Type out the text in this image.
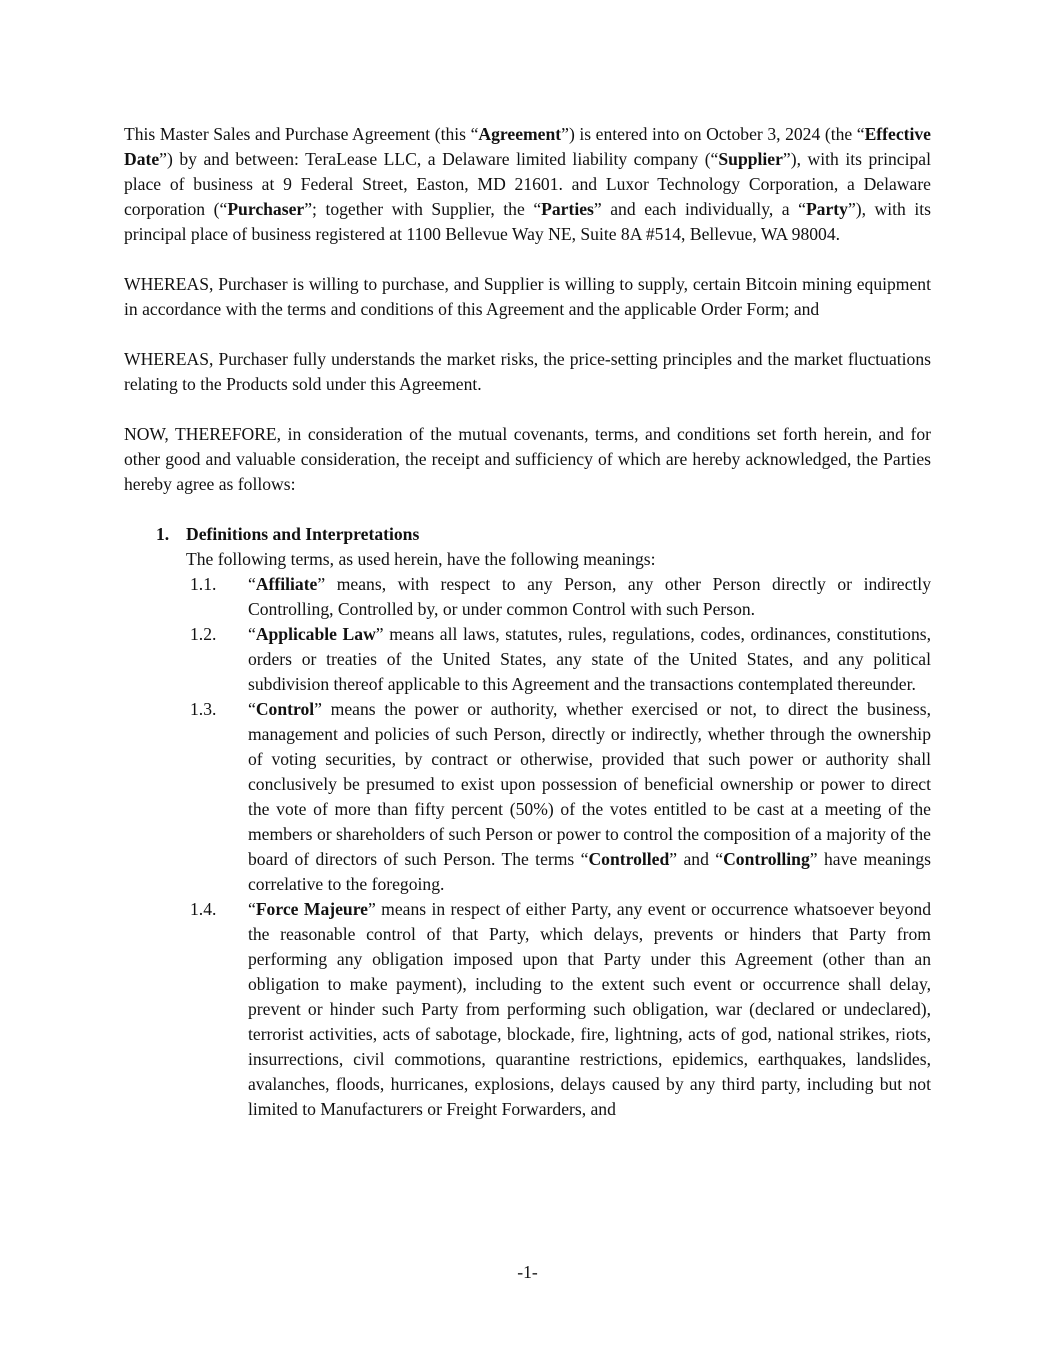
This Master Sales and Purchase Agreement (this “Agreement”) is entered into on October 3, 2024 (the “Effective Date”) by and between: TeraLease LLC, a Delaware limited liability company (“Supplier”), with its principal place of business at 9 Federal Street, Easton, MD 21601. and Luxor Technology Corporation, a Delaware corporation (“Purchaser”; together with Supplier, the “Parties” and each individually, a “Party”), with its principal place of business registered at 1100 Bellevue Way NE, Suite 8A #514, Bellevue, WA 98004.

WHEREAS, Purchaser is willing to purchase, and Supplier is willing to supply, certain Bitcoin mining equipment in accordance with the terms and conditions of this Agreement and the applicable Order Form; and

WHEREAS, Purchaser fully understands the market risks, the price-setting principles and the market fluctuations relating to the Products sold under this Agreement.

NOW, THEREFORE, in consideration of the mutual covenants, terms, and conditions set forth herein, and for other good and valuable consideration, the receipt and sufficiency of which are hereby acknowledged, the Parties hereby agree as follows:

1. Definitions and Interpretations

The following terms, as used herein, have the following meanings:

1.1. “Affiliate” means, with respect to any Person, any other Person directly or indirectly Controlling, Controlled by, or under common Control with such Person.

1.2. “Applicable Law” means all laws, statutes, rules, regulations, codes, ordinances, constitutions, orders or treaties of the United States, any state of the United States, and any political subdivision thereof applicable to this Agreement and the transactions contemplated thereunder.

1.3. “Control” means the power or authority, whether exercised or not, to direct the business, management and policies of such Person, directly or indirectly, whether through the ownership of voting securities, by contract or otherwise, provided that such power or authority shall conclusively be presumed to exist upon possession of beneficial ownership or power to direct the vote of more than fifty percent (50%) of the votes entitled to be cast at a meeting of the members or shareholders of such Person or power to control the composition of a majority of the board of directors of such Person. The terms “Controlled” and “Controlling” have meanings correlative to the foregoing.

1.4. “Force Majeure” means in respect of either Party, any event or occurrence whatsoever beyond the reasonable control of that Party, which delays, prevents or hinders that Party from performing any obligation imposed upon that Party under this Agreement (other than an obligation to make payment), including to the extent such event or occurrence shall delay, prevent or hinder such Party from performing such obligation, war (declared or undeclared), terrorist activities, acts of sabotage, blockade, fire, lightning, acts of god, national strikes, riots, insurrections, civil commotions, quarantine restrictions, epidemics, earthquakes, landslides, avalanches, floods, hurricanes, explosions, delays caused by any third party, including but not limited to Manufacturers or Freight Forwarders, and

-1-
